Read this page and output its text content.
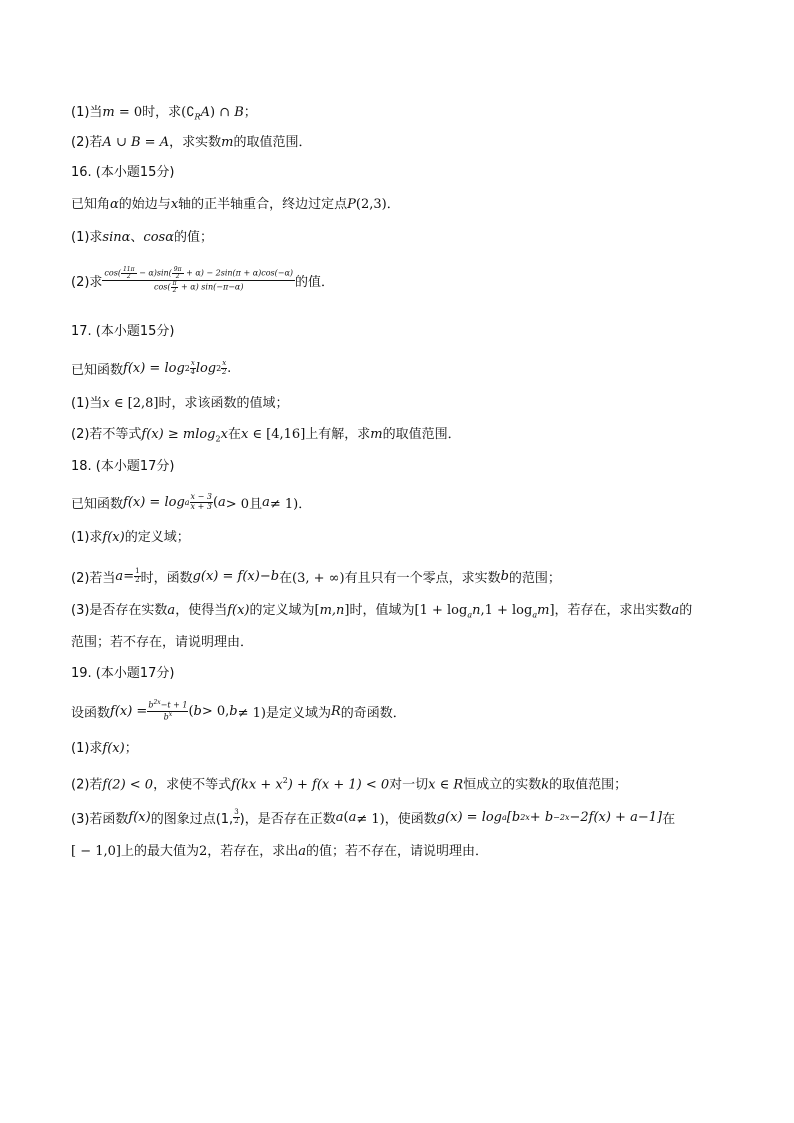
(1)当m = 0时，求$(∁_RA)$ ∩ B；
(2)若A ∪ B = A，求实数m的取值范围．
16. (本小题15分)
已知角α的始边与x轴的正半轴重合，终边过定点P(2,3)．
(1)求sinα、cosα的值；
(2)求 $\frac{\cos( \frac{11\pi}{2} - \alpha)\sin( \frac{9\pi}{2} + \alpha) - 2\sin(\pi + \alpha)\cos(-\alpha)}{\cos( \frac{\pi}{2} + \alpha) \sin(-\pi-\alpha)}$ 的值．
17. (本小题15分)
已知函数 $f(x) = \log 2 \frac{x}{4}$ $\log 2 \frac{x}{2}$ .
(1)当x ∈ [2,8]时，求该函数的值域；
(2)若不等式f(x) ≥ mlog$_2$x在x ∈ [4,16]上有解，求m的取值范围．
18. (本小题17分)
已知函数 f(x) = log a $\frac{x - 3}{x + 3}$ ( a > 0且 a ≠ 1)．
(1)求f(x)的定义域；
(2)若当 $a = \frac{1}{2}$ 时，函数 g(x) = f(x)−b 在(3, + ∞)有且只有一个零点，求实数 b 的范围；
(3)是否存在实数a，使得当f(x)的定义域为[m,n]时，值域为$[1 + \log_an,1 + \log_am]$，若存在，求出实数a的
范围；若不存在，请说明理由．
19. (本小题17分)
设函数 $f(x) = \frac{b^{2x}-t + 1}{b^x}$ ( b > 0, b ≠ 1)是定义域为 R 的奇函数．
(1)求f(x)；
(2)若f(2) < 0，求使不等式$f(kx + x^2) + f(x + 1) < 0$对一切x ∈ R恒成立的实数k的取值范围；
(3)若函数 f(x) 的图象过点(1, $\frac{3}{2}$ )，是否存在正数 a ( a ≠ 1)，使函数 g(x) = log a [b 2x + b −2x −2f(x) + a−1] 在
[ − 1,0]上的最大值为2，若存在，求出a的值；若不存在，请说明理由．
